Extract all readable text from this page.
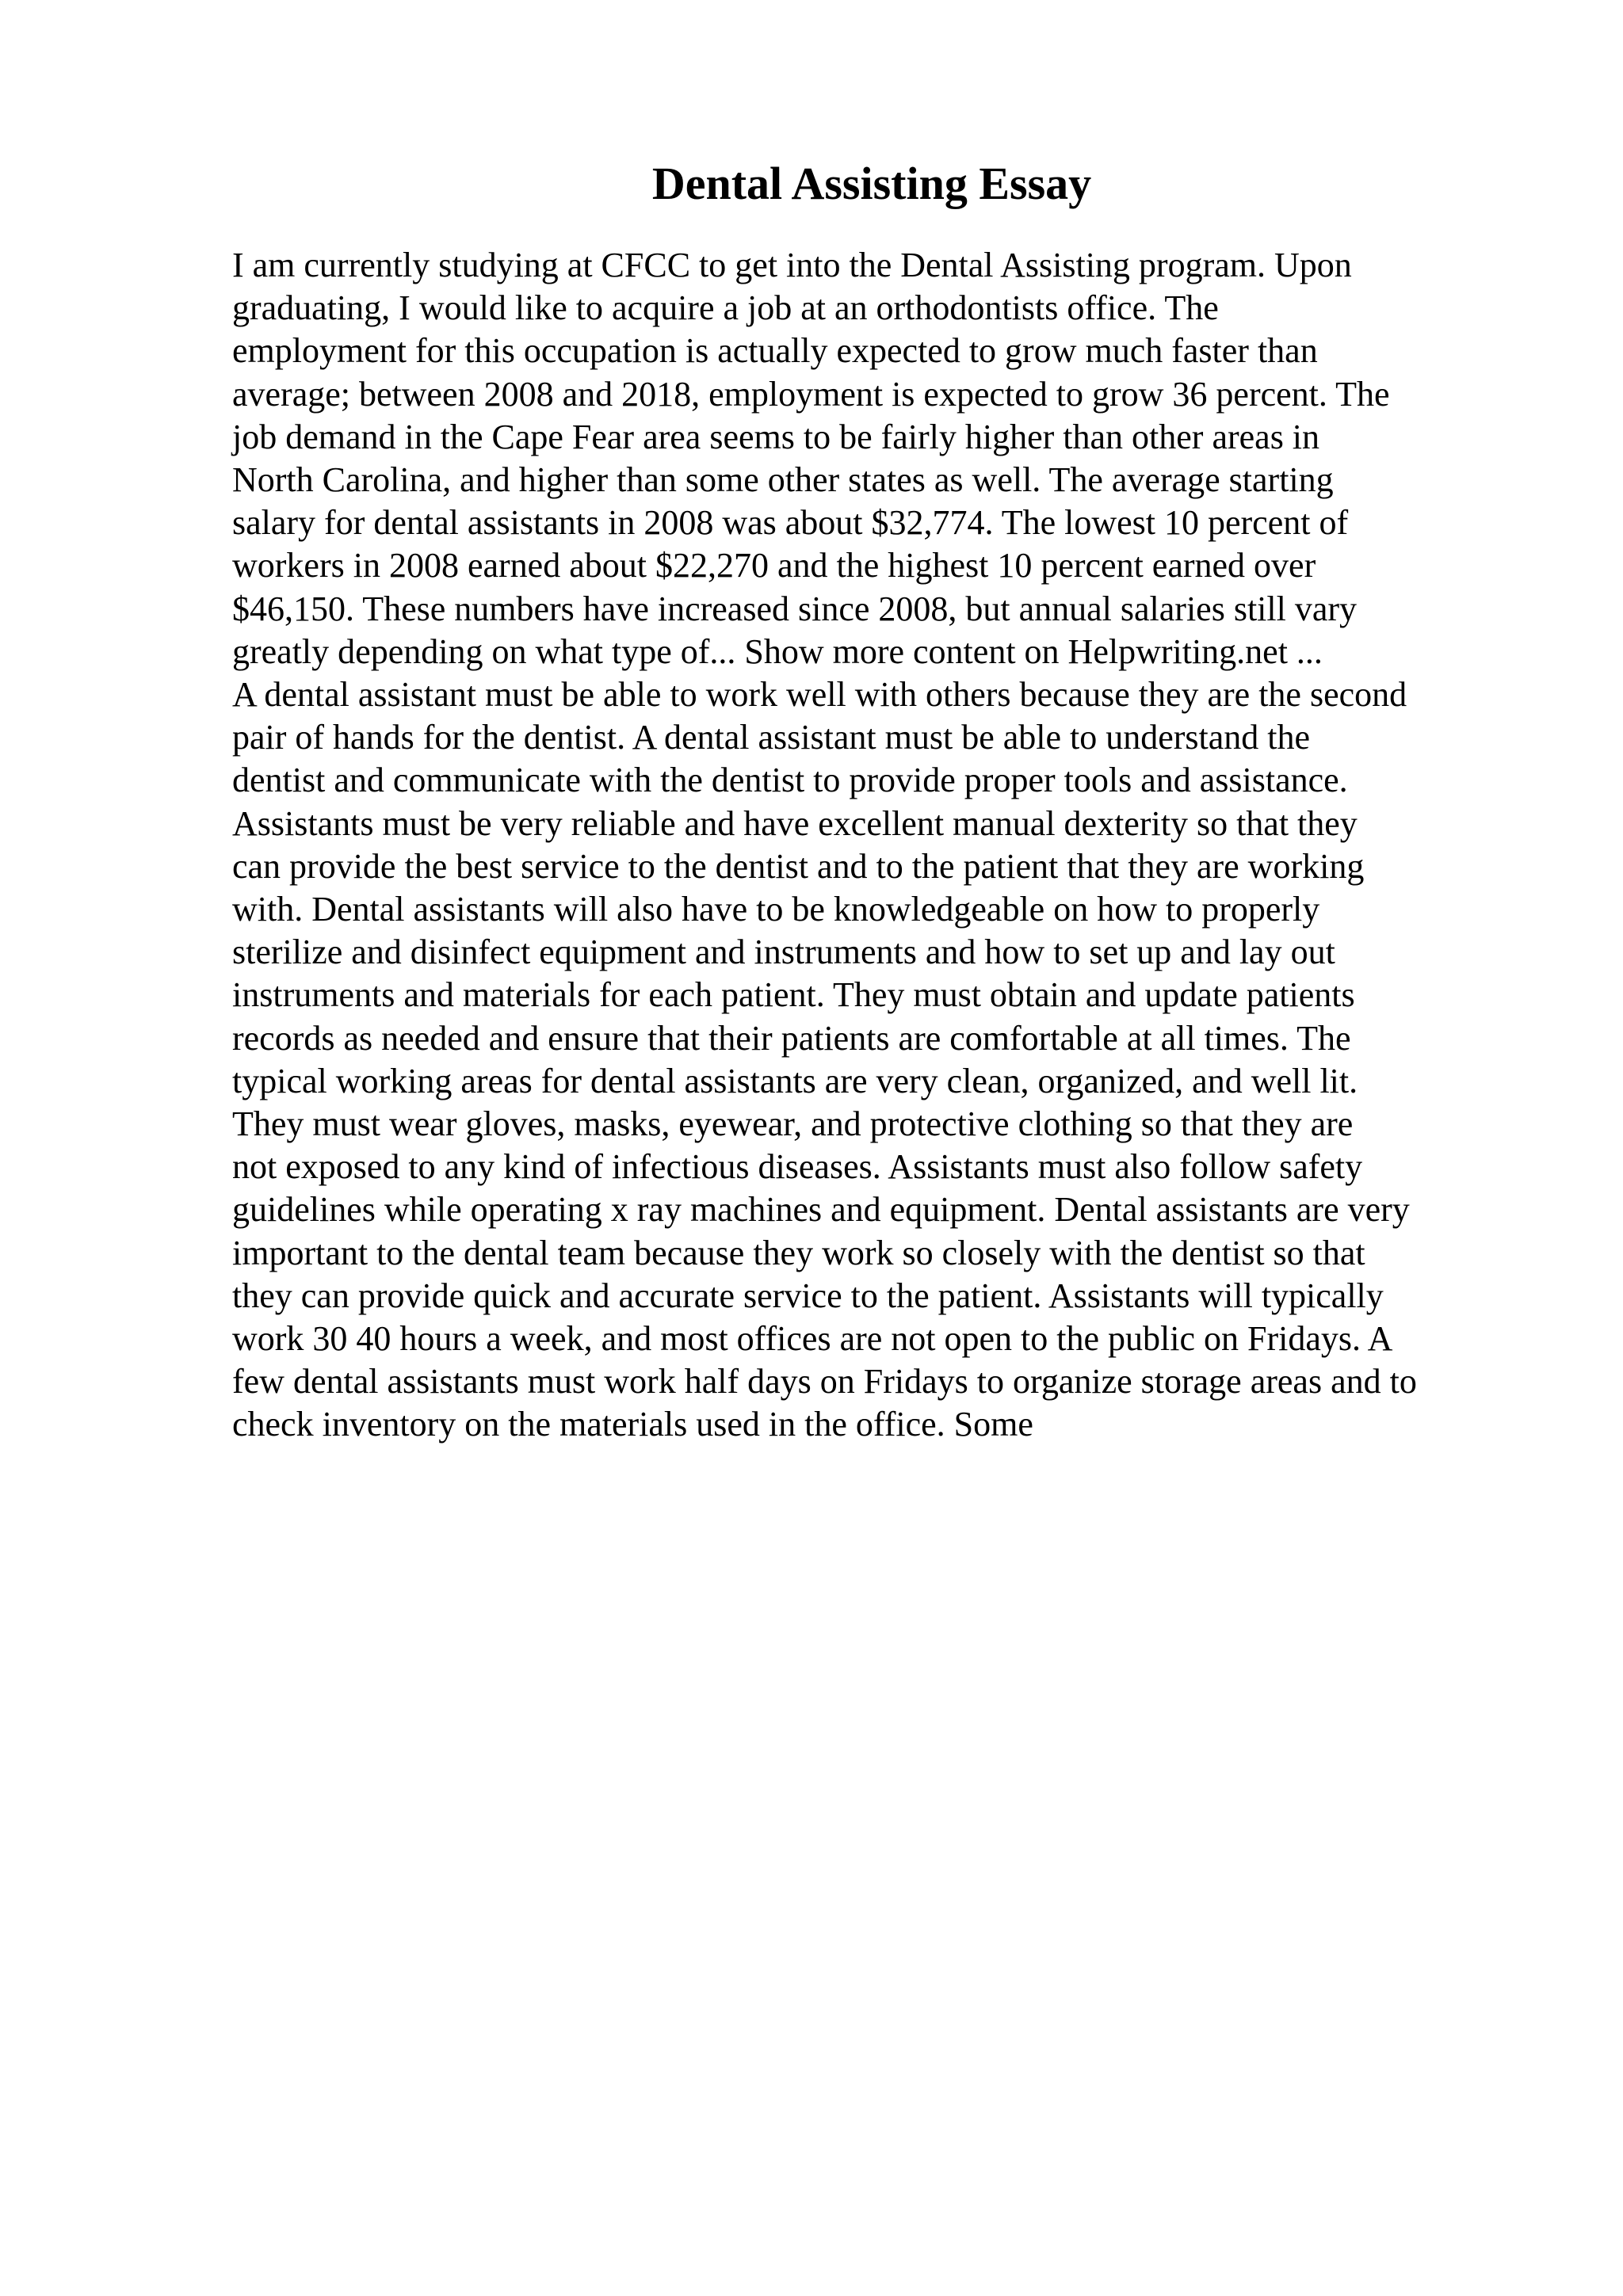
Dental Assisting Essay
I am currently studying at CFCC to get into the Dental Assisting program. Upon
graduating, I would like to acquire a job at an orthodontists office. The
employment for this occupation is actually expected to grow much faster than
average; between 2008 and 2018, employment is expected to grow 36 percent. The
job demand in the Cape Fear area seems to be fairly higher than other areas in
North Carolina, and higher than some other states as well. The average starting
salary for dental assistants in 2008 was about $32,774. The lowest 10 percent of
workers in 2008 earned about $22,270 and the highest 10 percent earned over
$46,150. These numbers have increased since 2008, but annual salaries still vary
greatly depending on what type of... Show more content on Helpwriting.net ...
A dental assistant must be able to work well with others because they are the second
pair of hands for the dentist. A dental assistant must be able to understand the
dentist and communicate with the dentist to provide proper tools and assistance.
Assistants must be very reliable and have excellent manual dexterity so that they
can provide the best service to the dentist and to the patient that they are working
with. Dental assistants will also have to be knowledgeable on how to properly
sterilize and disinfect equipment and instruments and how to set up and lay out
instruments and materials for each patient. They must obtain and update patients
records as needed and ensure that their patients are comfortable at all times. The
typical working areas for dental assistants are very clean, organized, and well lit.
They must wear gloves, masks, eyewear, and protective clothing so that they are
not exposed to any kind of infectious diseases. Assistants must also follow safety
guidelines while operating x ray machines and equipment. Dental assistants are very
important to the dental team because they work so closely with the dentist so that
they can provide quick and accurate service to the patient. Assistants will typically
work 30 40 hours a week, and most offices are not open to the public on Fridays. A
few dental assistants must work half days on Fridays to organize storage areas and to
check inventory on the materials used in the office. Some
